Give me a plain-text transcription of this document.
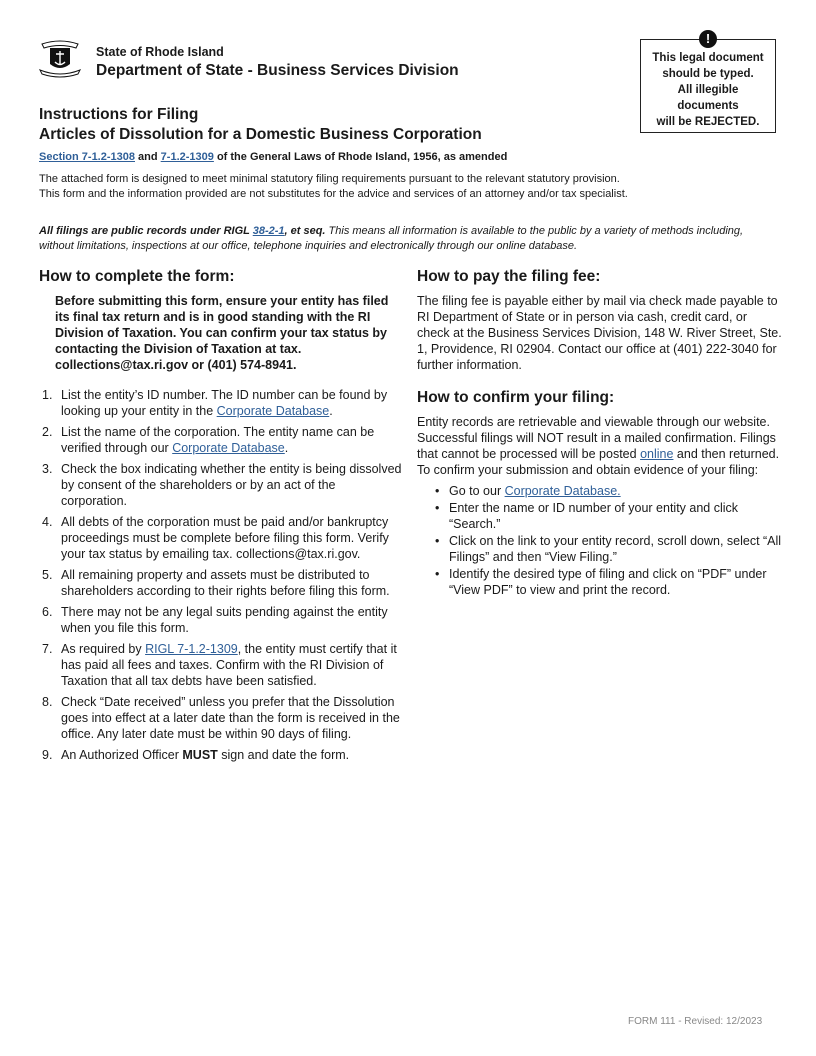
State of Rhode Island
Department of State - Business Services Division
!
This legal document
should be typed.
All illegible
documents
will be REJECTED.
Instructions for Filing
Articles of Dissolution for a Domestic Business Corporation
Section 7-1.2-1308 and 7-1.2-1309 of the General Laws of Rhode Island, 1956, as amended
The attached form is designed to meet minimal statutory filing requirements pursuant to the relevant statutory provision.
This form and the information provided are not substitutes for the advice and services of an attorney and/or tax specialist.
All filings are public records under RIGL 38-2-1, et seq. This means all information is available to the public by a variety of methods including, without limitations, inspections at our office, telephone inquiries and electronically through our online database.
How to complete the form:
Before submitting this form, ensure your entity has filed its final tax return and is in good standing with the RI Division of Taxation. You can confirm your tax status by contacting the Division of Taxation at tax. collections@tax.ri.gov or (401) 574-8941.
1. List the entity’s ID number. The ID number can be found by looking up your entity in the Corporate Database.
2. List the name of the corporation. The entity name can be verified through our Corporate Database.
3. Check the box indicating whether the entity is being dissolved by consent of the shareholders or by an act of the corporation.
4. All debts of the corporation must be paid and/or bankruptcy proceedings must be complete before filing this form. Verify your tax status by emailing tax. collections@tax.ri.gov.
5. All remaining property and assets must be distributed to shareholders according to their rights before filing this form.
6. There may not be any legal suits pending against the entity when you file this form.
7. As required by RIGL 7-1.2-1309, the entity must certify that it has paid all fees and taxes. Confirm with the RI Division of Taxation that all tax debts have been satisfied.
8. Check “Date received” unless you prefer that the Dissolution goes into effect at a later date than the form is received in the office. Any later date must be within 90 days of filing.
9. An Authorized Officer MUST sign and date the form.
How to pay the filing fee:
The filing fee is payable either by mail via check made payable to RI Department of State or in person via cash, credit card, or check at the Business Services Division, 148 W. River Street, Ste. 1, Providence, RI 02904. Contact our office at (401) 222-3040 for further information.
How to confirm your filing:
Entity records are retrievable and viewable through our website. Successful filings will NOT result in a mailed confirmation. Filings that cannot be processed will be posted online and then returned. To confirm your submission and obtain evidence of your filing:
• Go to our Corporate Database.
• Enter the name or ID number of your entity and click “Search.”
• Click on the link to your entity record, scroll down, select “All Filings” and then “View Filing.”
• Identify the desired type of filing and click on “PDF” under “View PDF” to view and print the record.
FORM 111 - Revised: 12/2023
